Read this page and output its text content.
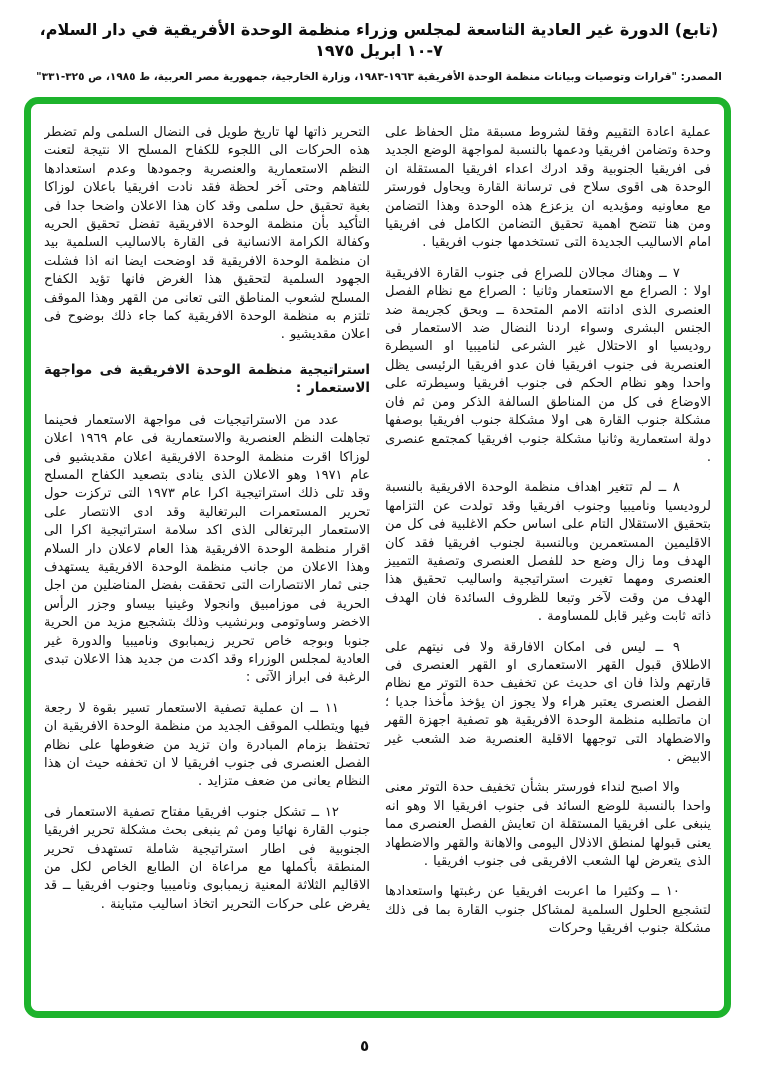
(تابع) الدورة غير العادية التاسعة لمجلس وزراء منظمة الوحدة الأفريقية في دار السلام، ٧-١٠ ابريل ١٩٧٥
المصدر: "قرارات وتوصيات وبيانات منظمة الوحدة الأفريقية ١٩٦٣-١٩٨٣، وزارة الخارجية، جمهورية مصر العربية، ط ١٩٨٥، ص ٣٢٥-٣٣١"

عملية اعادة التقييم وفقا لشروط مسبقة مثل الحفاظ على وحدة وتضامن افريقيا ودعمها بالنسبة لمواجهة الوضع الجديد فى افريقيا الجنوبية وقد ادرك اعداء افريقيا المستقلة ان الوحدة هى اقوى سلاح فى ترسانة القارة ويحاول فورستر مع معاونيه ومؤيديه ان يزعزع هذه الوحدة وهذا التضامن ومن هنا تتضح اهمية تحقيق التضامن الكامل فى افريقيا امام الاساليب الجديدة التى تستخدمها جنوب افريقيا .

٧ ــ وهناك مجالان للصراع فى جنوب القارة الافريقية اولا : الصراع مع الاستعمار وثانيا : الصراع مع نظام الفصل العنصرى الذى ادانته الامم المتحدة ــ وبحق كجريمة ضد الجنس البشرى وسواء اردنا النضال ضد الاستعمار فى روديسيا او الاحتلال غير الشرعى لناميبيا او السيطرة العنصرية فى جنوب افريقيا فان عدو افريقيا الرئيسى يظل واحدا وهو نظام الحكم فى جنوب افريقيا وسيطرته على الاوضاع فى كل من المناطق السالفة الذكر ومن ثم فان مشكلة جنوب القارة هى اولا مشكلة جنوب افريقيا بوصفها دولة استعمارية وثانيا مشكلة جنوب افريقيا كمجتمع عنصرى .

٨ ــ لم تتغير اهداف منظمة الوحدة الافريقية بالنسبة لروديسيا وناميبيا وجنوب افريقيا وقد تولدت عن التزامها بتحقيق الاستقلال التام على اساس حكم الاغلبية فى كل من الاقليمين المستعمرين وبالنسبة لجنوب افريقيا فقد كان الهدف وما زال وضع حد للفصل العنصرى وتصفية التمييز العنصرى ومهما تغيرت استراتيجية واساليب تحقيق هذا الهدف من وقت لآخر وتبعا للظروف السائدة فان الهدف ذاته ثابت وغير قابل للمساومة .

٩ ــ ليس فى امكان الافارقة ولا فى نيتهم على الاطلاق قبول القهر الاستعمارى او القهر العنصرى فى قارتهم ولذا فان اى حديث عن تخفيف حدة التوتر مع نظام الفصل العنصرى يعتبر هراء ولا يجوز ان يؤخذ مأخذا جديا ؛ ان ماتطلبه منظمة الوحدة الافريقية هو تصفية اجهزة القهر والاضطهاد التى توجهها الاقلية العنصرية ضد الشعب غير الابيض .

والا اصبح لنداء فورستر بشأن تخفيف حدة التوتر معنى واحدا بالنسبة للوضع السائد فى جنوب افريقيا الا وهو انه ينبغى على افريقيا المستقلة ان تعايش الفصل العنصرى مما يعنى قبولها لمنطق الاذلال اليومى والاهانة والقهر والاضطهاد الذى يتعرض لها الشعب الافريقى فى جنوب افريقيا .

١٠ ــ وكثيرا ما اعربت افريقيا عن رغبتها واستعدادها لتشجيع الحلول السلمية لمشاكل جنوب القارة بما فى ذلك مشكلة جنوب افريقيا وحركات

التحرير ذاتها لها تاريخ طويل فى النضال السلمى ولم تضطر هذه الحركات الى اللجوء للكفاح المسلح الا نتيجة لتعنت النظم الاستعمارية والعنصرية وجمودها وعدم استعدادها للتفاهم وحتى آخر لحظة فقد نادت افريقيا باعلان لوزاكا بغية تحقيق حل سلمى وقد كان هذا الاعلان واضحا جدا فى التأكيد بأن منظمة الوحدة الافريقية تفضل تحقيق الحريه وكفالة الكرامة الانسانية فى القارة بالاساليب السلمية بيد ان منظمة الوحدة الافريقية قد اوضحت ايضا انه اذا فشلت الجهود السلمية لتحقيق هذا الغرض فانها تؤيد الكفاح المسلح لشعوب المناطق التى تعانى من القهر وهذا الموقف تلتزم به منظمة الوحدة الافريقية كما جاء ذلك بوضوح فى اعلان مقديشيو .

استراتيجية منظمة الوحدة الافريقية فى مواجهة الاستعمار :

عدد من الاستراتيجيات فى مواجهة الاستعمار فحينما تجاهلت النظم العنصرية والاستعمارية فى عام ١٩٦٩ اعلان لوزاكا اقرت منظمة الوحدة الافريقية اعلان مقديشيو فى عام ١٩٧١ وهو الاعلان الذى ينادى بتصعيد الكفاح المسلح وقد تلى ذلك استراتيجية اكرا عام ١٩٧٣ التى تركزت حول تحرير المستعمرات البرتغالية وقد ادى الانتصار على الاستعمار البرتغالى الذى اكد سلامة استراتيجية اكرا الى اقرار منظمة الوحدة الافريقية هذا العام لاعلان دار السلام وهذا الاعلان من جانب منظمة الوحدة الافريقية يستهدف جنى ثمار الانتصارات التى تحققت بفضل المناضلين من اجل الحرية فى موزامبيق وانجولا وغينيا بيساو وجزر الرأس الاخضر وساوتومى وبرنشيب وذلك بتشجيع مزيد من الحرية جنوبا وبوجه خاص تحرير زيمبابوى وناميبيا والدورة غير العادية لمجلس الوزراء وقد اكدت من جديد هذا الاعلان تبدى الرغبة فى ابراز الآتى :

١١ ــ ان عملية تصفية الاستعمار تسير بقوة لا رجعة فيها ويتطلب الموقف الجديد من منظمة الوحدة الافريقية ان تحتفظ بزمام المبادرة وان تزيد من ضغوطها على نظام الفصل العنصرى فى جنوب افريقيا لا ان تخففه حيث ان هذا النظام يعانى من ضعف متزايد .

١٢ ــ تشكل جنوب افريقيا مفتاح تصفية الاستعمار فى جنوب القارة نهائيا ومن ثم ينبغى بحث مشكلة تحرير افريقيا الجنوبية فى اطار استراتيجية شاملة تستهدف تحرير المنطقة بأكملها مع مراعاة ان الطابع الخاص لكل من الاقاليم الثلاثة المعنية زيمبابوى وناميبيا وجنوب افريقيا ــ قد يفرض على حركات التحرير اتخاذ اساليب متباينة .

٥
